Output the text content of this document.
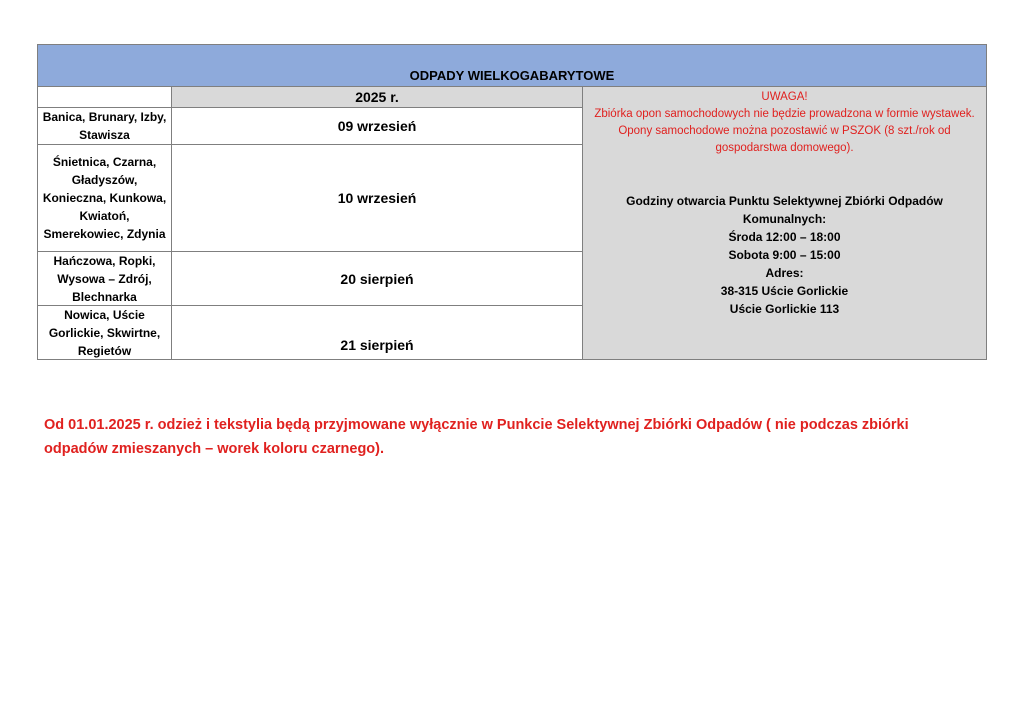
ODPADY WIELKOGABARYTOWE
2025 r.
Banica, Brunary, Izby, Stawisza
09 wrzesień
Śnietnica, Czarna, Gładyszów, Konieczna, Kunkowa, Kwiatoń, Smerekowiec, Zdynia
10 wrzesień
Hańczowa, Ropki, Wysowa – Zdrój, Blechnarka
20 sierpień
Nowica, Uście Gorlickie, Skwirtne, Regietów	21 sierpień
UWAGA!
Zbiórka opon samochodowych nie będzie prowadzona w formie wystawek. Opony samochodowe można pozostawić w PSZOK (8 szt./rok od gospodarstwa domowego).
Godziny otwarcia Punktu Selektywnej Zbiórki Odpadów Komunalnych:
Środa 12:00 – 18:00
Sobota 9:00 – 15:00
Adres:
38-315 Uście Gorlickie
Uście Gorlickie 113
Od 01.01.2025 r. odzież i tekstylia będą przyjmowane wyłącznie w Punkcie Selektywnej Zbiórki Odpadów ( nie podczas zbiórki odpadów zmieszanych – worek koloru czarnego).
